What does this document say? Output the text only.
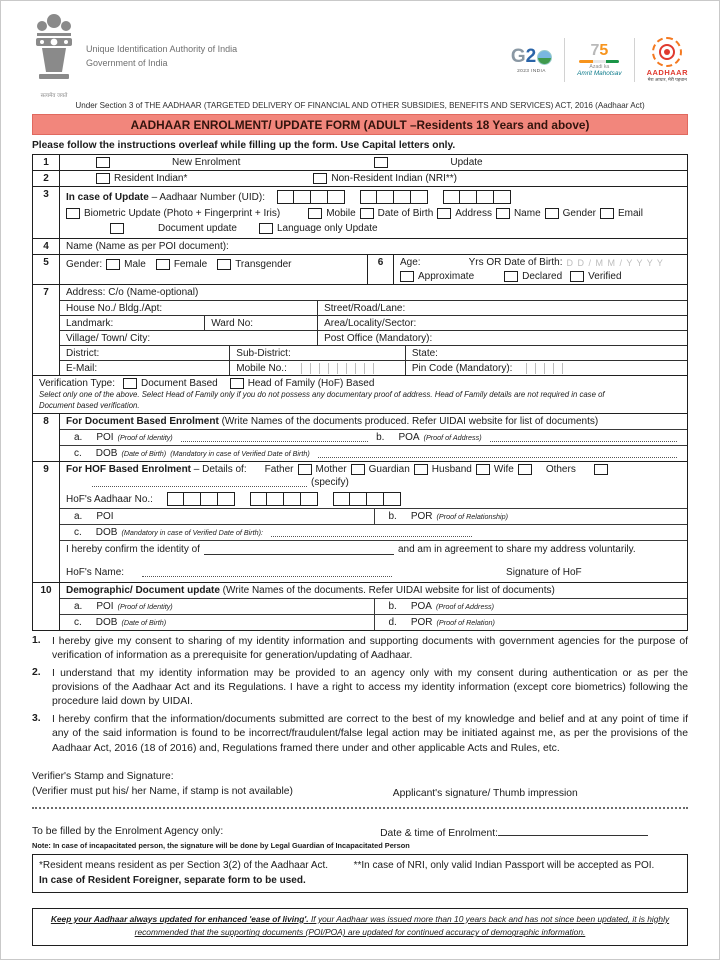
सत्यमेव जयते
Unique Identification Authority of India
Government of India	G 2
2023 INDIA
75
Azadi ka
Amrit Mahotsav	AADHAAR
मेरा आधार, मेरी पहचान
Under Section 3 of THE AADHAAR (TARGETED DELIVERY OF FINANCIAL AND OTHER SUBSIDIES, BENEFITS AND SERVICES) ACT, 2016 (Aadhaar Act)
AADHAAR ENROLMENT/ UPDATE FORM (ADULT –Residents 18 Years and above)
Please follow the instructions overleaf while filling up the form. Use Capital letters only.
1	New Enrolment	Update
2	Resident Indian*	Non-Resident Indian (NRI**)
3	In case of Update – Aadhaar Number (UID):
Biometric Update (Photo + Fingerprint + Iris)	Mobile Date of Birth Address Name Gender Email
Document update	Language only Update
4	Name (Name as per POI document):
5	Gender: Male	Female	Transgender	6	Age:	Yrs OR Date of Birth: D D / M M / Y Y Y Y
Approximate	Declared	Verified
7	Address: C/o (Name-optional)
House No./ Bldg./Apt:	Street/Road/Lane:
Landmark:	Ward No:	Area/Locality/Sector:
Village/ Town/ City:	Post Office (Mandatory):
District:	Sub-District:	State:
E-Mail:	Mobile No.:	Pin Code (Mandatory):
Verification Type:	Document Based	Head of Family (HoF) Based
Select only one of the above. Select Head of Family only if you do not possess any documentary proof of address. Head of Family details are not required in case of
Document based verification.
8	For Document Based Enrolment (Write Names of the documents produced. Refer UIDAI website for list of documents)
a. POI (Proof of Identity)	b. POA (Proof of Address)
c. DOB (Date of Birth) (Mandatory in case of Verified Date of Birth)
9	For HOF Based Enrolment – Details of: Father Mother Guardian Husband Wife	Others
(specify)
HoF's Aadhaar No.:
a. POI	b. POR (Proof of Relationship)
c. DOB (Mandatory in case of Verified Date of Birth):
I hereby confirm the identity of	and am in agreement to share my address voluntarily.
HoF's Name:	Signature of HoF
10	Demographic/ Document update (Write Names of the documents. Refer UIDAI website for list of documents)
a. POI (Proof of Identity)	b. POA (Proof of Address)
c. DOB (Date of Birth)	d. POR (Proof of Relation)
1.	I hereby give my consent to sharing of my identity information and supporting documents with government agencies for the purpose of verification of information as a prerequisite for generation/updating of Aadhaar.
2.	I understand that my identity information may be provided to an agency only with my consent during authentication or as per the provisions of the Aadhaar Act and its Regulations. I have a right to access my identity information (except core biometrics) following the procedure laid down by UIDAI.
3.	I hereby confirm that the information/documents submitted are correct to the best of my knowledge and belief and at any point of time if any of the said information is found to be incorrect/fraudulent/false legal action may be initiated against me, as per the provisions of the Aadhaar Act, 2016 (18 of 2016) and, Regulations framed there under and other applicable Acts and Rules, etc.
Verifier's Stamp and Signature:
(Verifier must put his/ her Name, if stamp is not available)	Applicant's signature/ Thumb impression
To be filled by the Enrolment Agency only:	Date & time of Enrolment:
Note: In case of incapacitated person, the signature will be done by Legal Guardian of Incapacitated Person
*Resident means resident as per Section 3(2) of the Aadhaar Act.	**In case of NRI, only valid Indian Passport will be accepted as POI.
In case of Resident Foreigner, separate form to be used.
Keep your Aadhaar always updated for enhanced 'ease of living'. If your Aadhaar was issued more than 10 years back and has not since been updated, it is highly recommended that the supporting documents (POI/POA) are updated for continued accuracy of demographic information.
